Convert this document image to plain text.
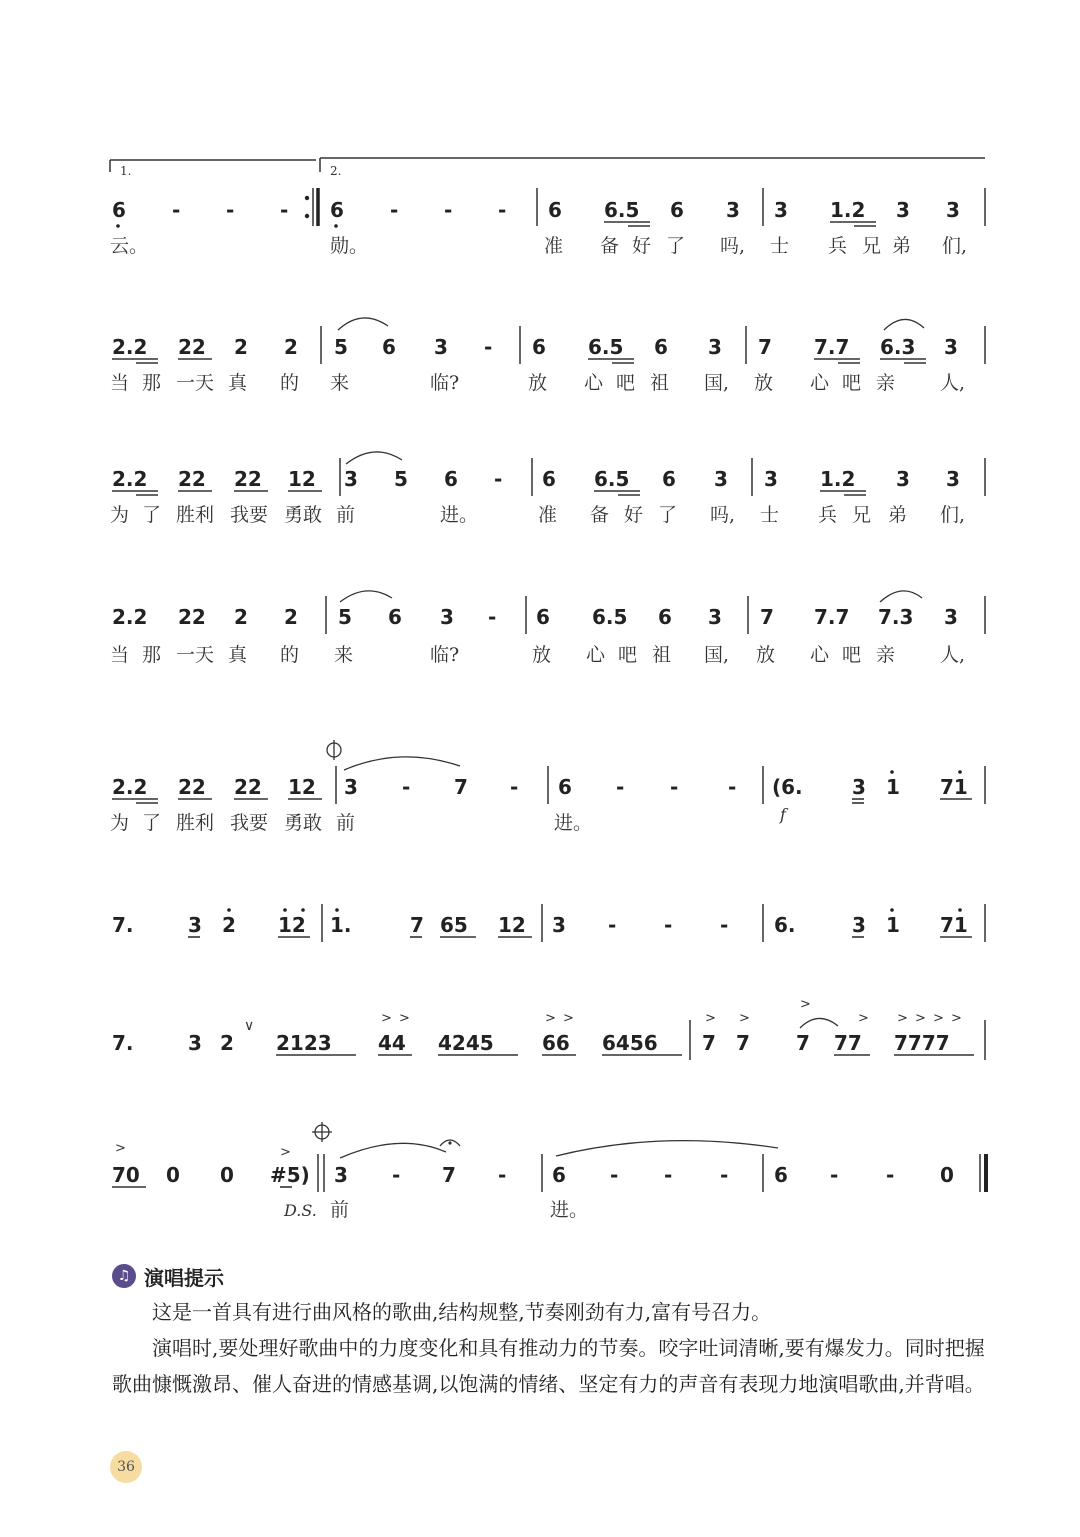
1.	2.
6 - - - 6 - - - 6 6.5 6 3 3 1.2 3 3
云。	勋。	准 备 好 了 吗, 士 兵 兄 弟 们,
2.2 22 2 2 5 6 3 - 6 6.5 6 3 7 7.7 6.3 3
当 那 一天 真 的 来	临?	放 心 吧 祖 国, 放 心 吧 亲 人,
2.2 22 22 12 3 5 6 - 6 6.5 6 3 3 1.2 3 3
为 了 胜利 我要 勇敢 前	进。	准 备 好 了 吗, 士 兵 兄 弟 们,
2.2 22 2 2 5 6 3 - 6 6.5 6 3 7 7.7 7.3 3
当 那 一天 真 的 来	临?	放 心 吧 祖 国, 放 心 吧 亲 人,
2.2 22 22 12 3 - 7 - 6 - - - (6. 3 1 71
f
为 了 胜利 我要 勇敢 前	进。
7.	3 2 12 1.	7 65 12 3 - - - 6.	3 1 71
∨	> >	> >	> >
>
> > > > >
7.	3 2 2123 44 4245 66 6456 7 7 7 77 7777
>	>
70 0 0 #5) 3 - 7 - 6 - - - 6 - - 0
D.S. 前	进。
♫ 演唱提示

这是一首具有进行曲风格的歌曲,结构规整,节奏刚劲有力,富有号召力。

演唱时,要处理好歌曲中的力度变化和具有推动力的节奏。咬字吐词清晰,要有爆发力。同时把握歌曲慷慨激昂、催人奋进的情感基调,以饱满的情绪、坚定有力的声音有表现力地演唱歌曲,并背唱。

36
